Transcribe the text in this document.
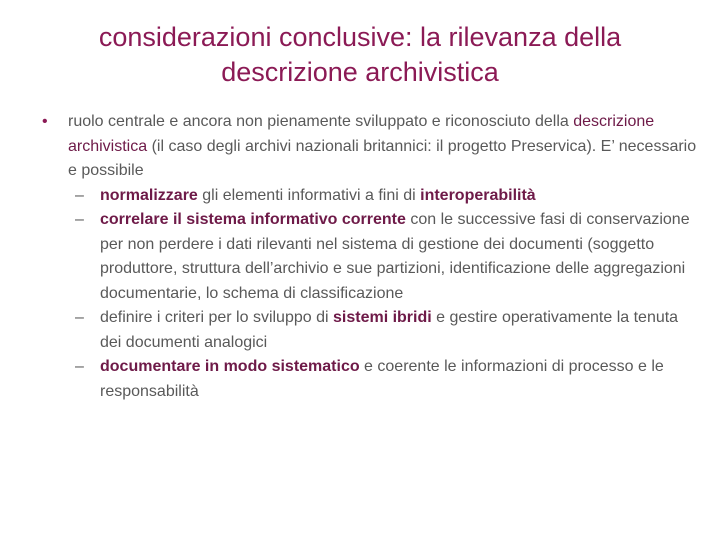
considerazioni conclusive: la rilevanza della descrizione archivistica
• ruolo centrale e ancora non pienamente sviluppato e riconosciuto della descrizione archivistica (il caso degli archivi nazionali britannici: il progetto Preservica). E’ necessario e possibile
– normalizzare gli elementi informativi a fini di interoperabilità
– correlare il sistema informativo corrente con le successive fasi di conservazione per non perdere i dati rilevanti nel sistema di gestione dei documenti (soggetto produttore, struttura dell’archivio e sue partizioni, identificazione delle aggregazioni documentarie, lo schema di classificazione
– definire i criteri per lo sviluppo di sistemi ibridi e gestire operativamente la tenuta dei documenti analogici
– documentare in modo sistematico e coerente le informazioni di processo e le responsabilità
